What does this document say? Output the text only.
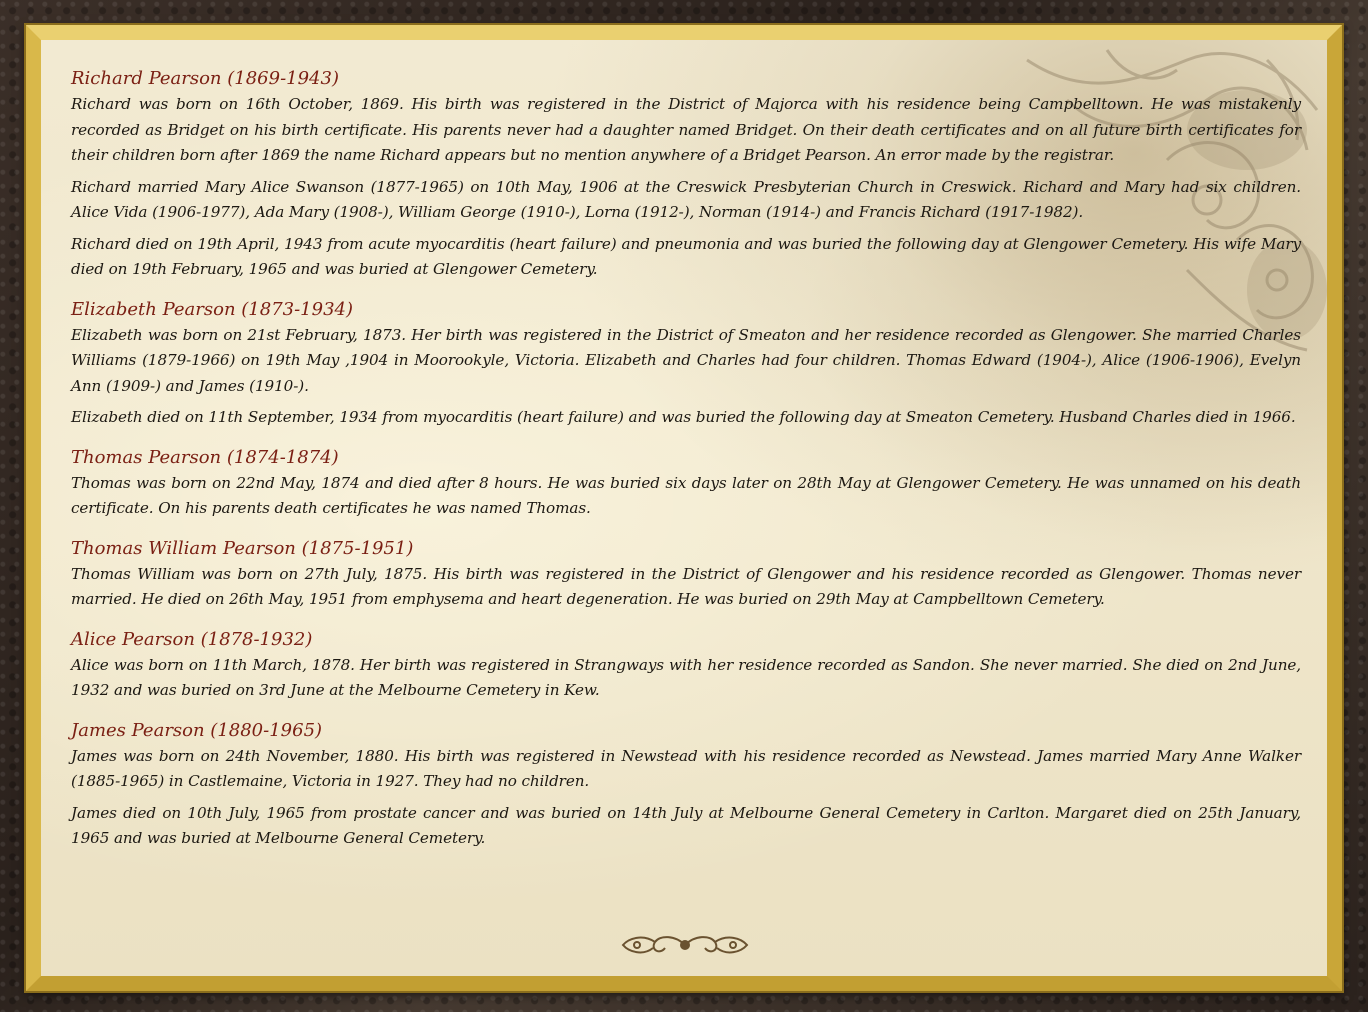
Richard Pearson (1869-1943)

Richard was born on 16th October, 1869. His birth was registered in the District of Majorca with his residence being Campbelltown. He was mistakenly recorded as Bridget on his birth certificate. His parents never had a daughter named Bridget. On their death certificates and on all future birth certificates for their children born after 1869 the name Richard appears but no mention anywhere of a Bridget Pearson. An error made by the registrar.

Richard married Mary Alice Swanson (1877-1965) on 10th May, 1906 at the Creswick Presbyterian Church in Creswick. Richard and Mary had six children. Alice Vida (1906-1977), Ada Mary (1908-), William George (1910-), Lorna (1912-), Norman (1914-) and Francis Richard (1917-1982).

Richard died on 19th April, 1943 from acute myocarditis (heart failure) and pneumonia and was buried the following day at Glengower Cemetery. His wife Mary died on 19th February, 1965 and was buried at Glengower Cemetery.

Elizabeth Pearson (1873-1934)

Elizabeth was born on 21st February, 1873. Her birth was registered in the District of Smeaton and her residence recorded as Glengower. She married Charles Williams (1879-1966) on 19th May ,1904 in Moorookyle, Victoria. Elizabeth and Charles had four children. Thomas Edward (1904-), Alice (1906-1906), Evelyn Ann (1909-) and James (1910-).

Elizabeth died on 11th September, 1934 from myocarditis (heart failure) and was buried the following day at Smeaton Cemetery. Husband Charles died in 1966.

Thomas Pearson (1874-1874)

Thomas was born on 22nd May, 1874 and died after 8 hours. He was buried six days later on 28th May at Glengower Cemetery. He was unnamed on his death certificate. On his parents death certificates he was named Thomas.

Thomas William Pearson (1875-1951)

Thomas William was born on 27th July, 1875. His birth was registered in the District of Glengower and his residence recorded as Glengower. Thomas never married. He died on 26th May, 1951 from emphysema and heart degeneration. He was buried on 29th May at Campbelltown Cemetery.

Alice Pearson (1878-1932)

Alice was born on 11th March, 1878. Her birth was registered in Strangways with her residence recorded as Sandon. She never married. She died on 2nd June, 1932 and was buried on 3rd June at the Melbourne Cemetery in Kew.

James Pearson (1880-1965)

James was born on 24th November, 1880. His birth was registered in Newstead with his residence recorded as Newstead. James married Mary Anne Walker (1885-1965) in Castlemaine, Victoria in 1927. They had no children.

James died on 10th July, 1965 from prostate cancer and was buried on 14th July at Melbourne General Cemetery in Carlton. Margaret died on 25th January, 1965 and was buried at Melbourne General Cemetery.
